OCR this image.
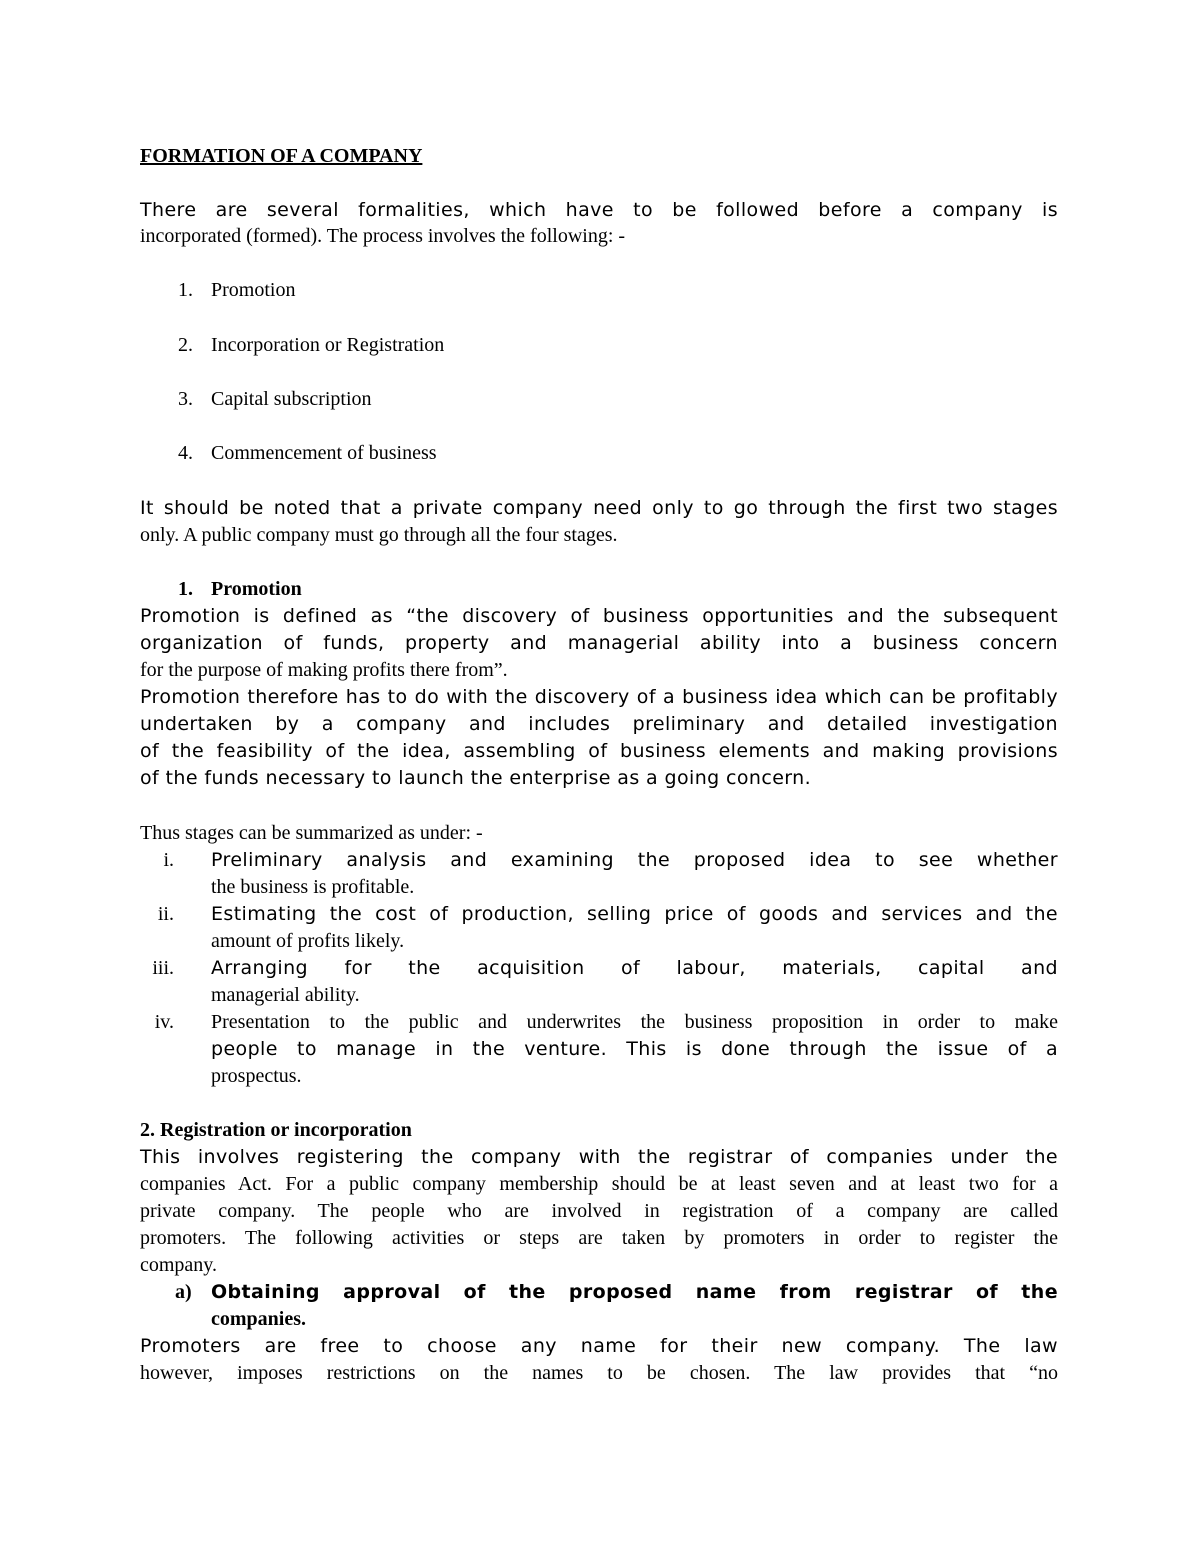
FORMATION OF A COMPANY
There are several formalities, which have to be followed before a company is
incorporated (formed). The process involves the following: -
1. Promotion
2. Incorporation or Registration
3. Capital subscription
4. Commencement of business
It should be noted that a private company need only to go through the first two stages
only. A public company must go through all the four stages.
1. Promotion
Promotion is defined as “the discovery of business opportunities and the subsequent
organization of funds, property and managerial ability into a business concern
for the purpose of making profits there from”.
Promotion therefore has to do with the discovery of a business idea which can be profitably
undertaken by a company and includes preliminary and detailed investigation
of the feasibility of the idea, assembling of business elements and making provisions
of the funds necessary to launch the enterprise as a going concern.
Thus stages can be summarized as under: -
i. Preliminary analysis and examining the proposed idea to see whether
the business is profitable.
ii. Estimating the cost of production, selling price of goods and services and the
amount of profits likely.
iii. Arranging for the acquisition of labour, materials, capital and
managerial ability.
iv. Presentation to the public and underwrites the business proposition in order to make
people to manage in the venture. This is done through the issue of a
prospectus.
2. Registration or incorporation
This involves registering the company with the registrar of companies under the
companies Act. For a public company membership should be at least seven and at least two for a
private company. The people who are involved in registration of a company are called
promoters. The following activities or steps are taken by promoters in order to register the
company.
a) Obtaining approval of the proposed name from registrar of the
companies.
Promoters are free to choose any name for their new company. The law
however, imposes restrictions on the names to be chosen. The law provides that “no
